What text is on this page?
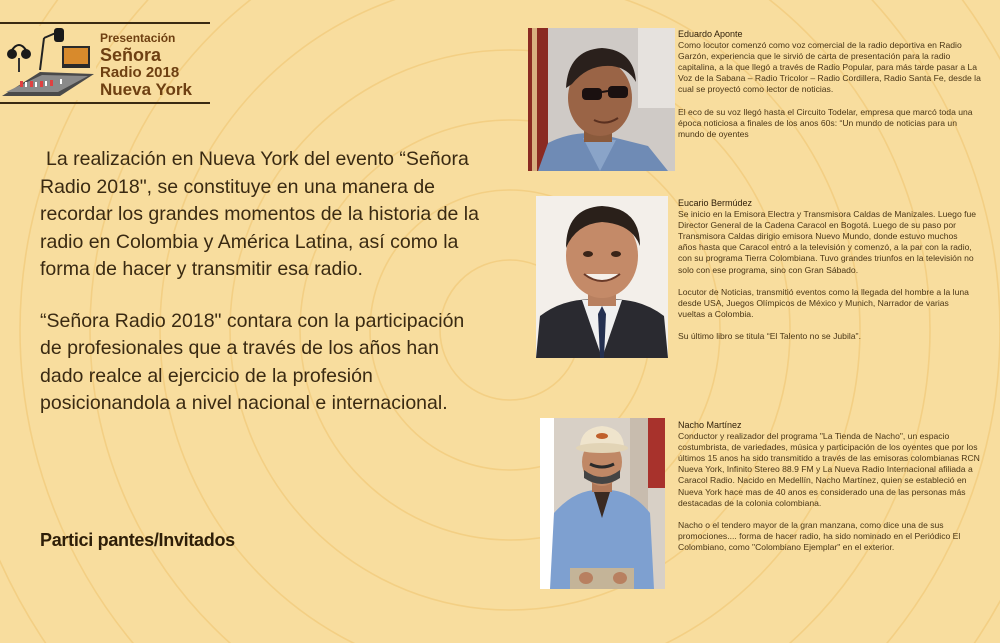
Presentación
Señora
Radio 2018
Nueva York

La realización en Nueva York del evento “Señora Radio 2018", se constituye en una manera de recordar los grandes momentos de la historia de la radio en Colombia y América Latina, así como la forma de hacer y transmitir esa radio.

“Señora Radio 2018" contara con la participación de profesionales que a través de los años han dado realce al ejercicio de la profesión posicionandola a nivel nacional e internacional.

Partici pantes/Invitados
Eduardo Aponte

Como locutor comenzó como voz comercial de la radio deportiva en Radio Garzón, experiencia que le sirvió de carta de presentación para la radio capitalina, a la que llegó a través de Radio Popular, para más tarde pasar a La Voz de la Sabana – Radio Tricolor – Radio Cordillera, Radio Santa Fe, desde la cual se proyectó como lector de noticias.

El eco de su voz llegó hasta el Circuito Todelar, empresa que marcó toda una época noticiosa a finales de los anos 60s: “Un mundo de noticias para un mundo de oyentes

Eucario Bermúdez

Se inicio en la Emisora Electra y Transmisora Caldas de Manizales. Luego fue Director General de la Cadena Caracol en Bogotá. Luego de su paso por Transmisora Caldas dirigio emisora Nuevo Mundo, donde estuvo muchos años hasta que Caracol entró a la televisión y comenzó, a la par con la radio, con su programa Tierra Colombiana. Tuvo grandes triunfos en la televisión no solo con ese programa, sino con Gran Sábado.

Locutor de Noticias, transmitió eventos como la llegada del hombre a la luna desde USA, Juegos Olímpicos de México y Munich, Narrador de varias vueltas a Colombia.

Su último libro se titula “El Talento no se Jubila".

Nacho Martínez

Conductor y realizador del programa "La Tienda de Nacho", un espacio costumbrista, de variedades, música y participación de los oyentes que por los últimos 15 anos ha sido transmitido a través de las emisoras colombianas RCN Nueva York, Infinito Stereo 88.9 FM y La Nueva Radio Internacional afiliada a Caracol Radio. Nacido en Medellín, Nacho Martínez, quien se estableció en Nueva York hace mas de 40 anos es considerado una de las personas más destacadas de la colonia colombiana.

Nacho o el tendero mayor de la gran manzana, como dice una de sus promociones.... forma de hacer radio, ha sido nominado en el Periódico El Colombiano, como "Colombiano Ejemplar" en el exterior.
